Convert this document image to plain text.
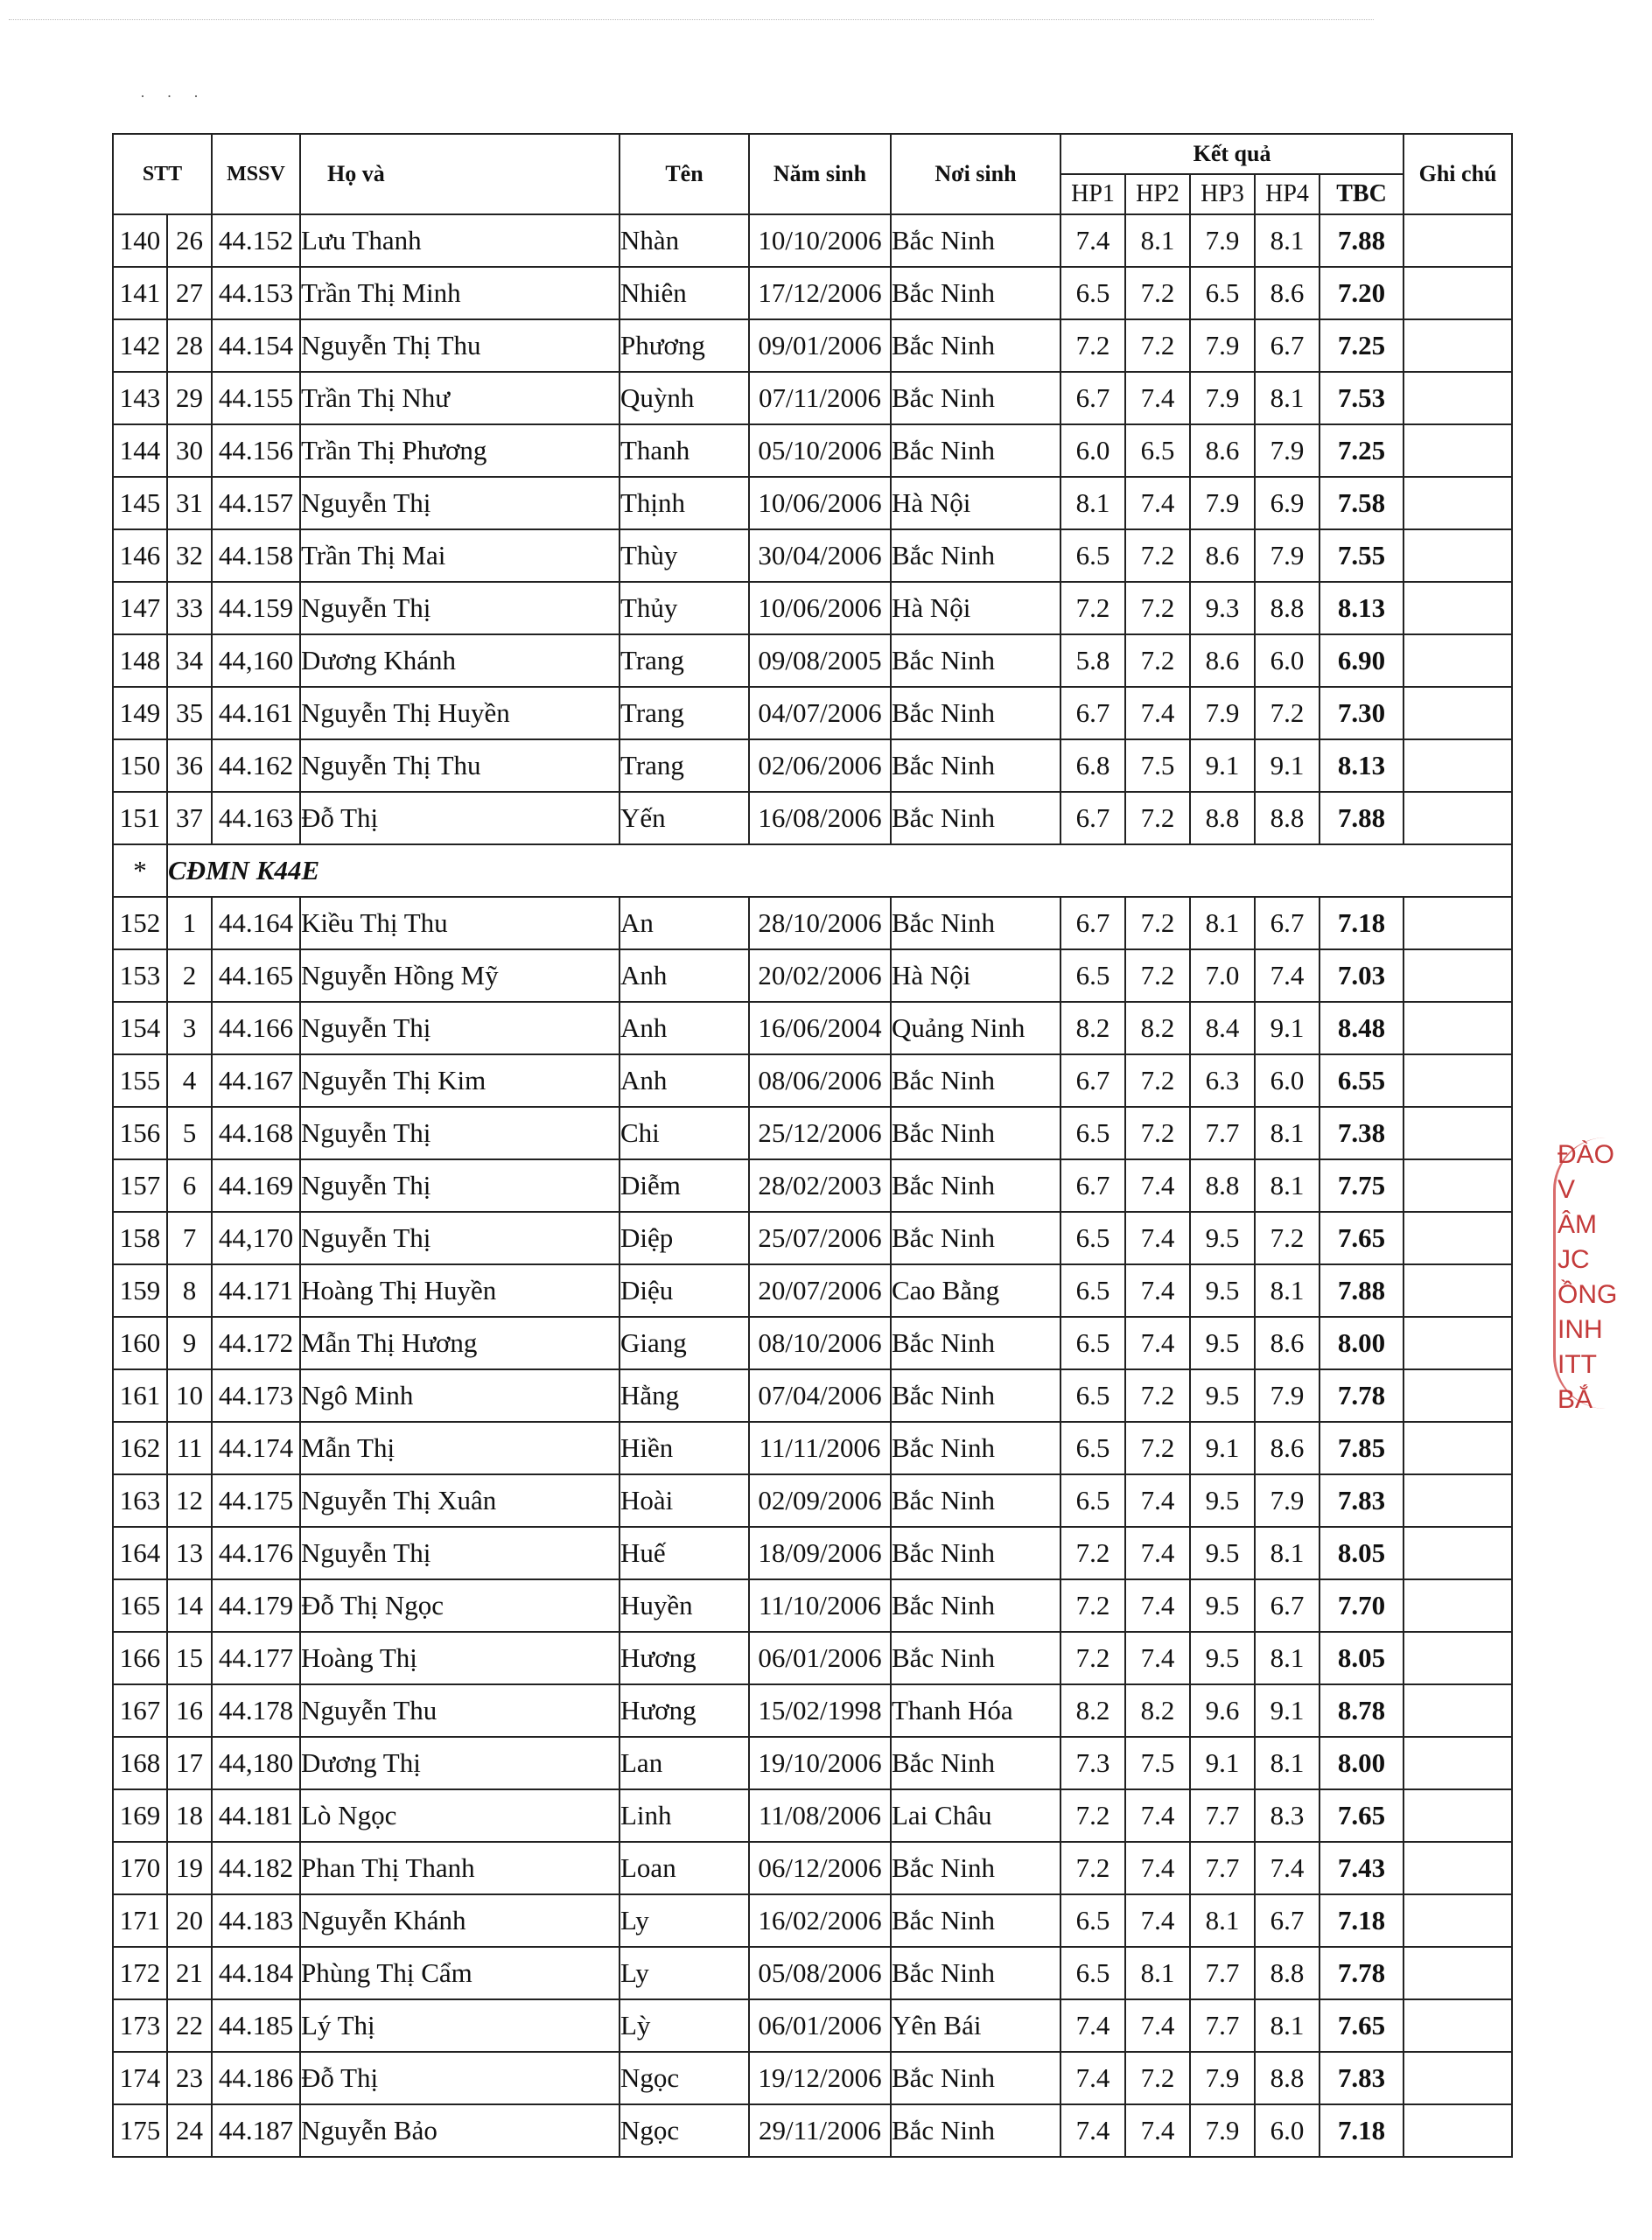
· · ·
STT		MSSV	Họ và	Tên	Năm sinh	Nơi sinh	Kết quả					Ghi chú
							HP1	HP2	HP3	HP4	TBC	
140	26	44.152	Lưu Thanh	Nhàn	10/10/2006	Bắc Ninh	7.4	8.1	7.9	8.1	7.88	
141	27	44.153	Trần Thị Minh	Nhiên	17/12/2006	Bắc Ninh	6.5	7.2	6.5	8.6	7.20	
142	28	44.154	Nguyễn Thị Thu	Phương	09/01/2006	Bắc Ninh	7.2	7.2	7.9	6.7	7.25	
143	29	44.155	Trần Thị Như	Quỳnh	07/11/2006	Bắc Ninh	6.7	7.4	7.9	8.1	7.53	
144	30	44.156	Trần Thị Phương	Thanh	05/10/2006	Bắc Ninh	6.0	6.5	8.6	7.9	7.25	
145	31	44.157	Nguyễn Thị	Thịnh	10/06/2006	Hà Nội	8.1	7.4	7.9	6.9	7.58	
146	32	44.158	Trần Thị Mai	Thùy	30/04/2006	Bắc Ninh	6.5	7.2	8.6	7.9	7.55	
147	33	44.159	Nguyễn Thị	Thủy	10/06/2006	Hà Nội	7.2	7.2	9.3	8.8	8.13	
148	34	44,160	Dương Khánh	Trang	09/08/2005	Bắc Ninh	5.8	7.2	8.6	6.0	6.90	
149	35	44.161	Nguyễn Thị Huyền	Trang	04/07/2006	Bắc Ninh	6.7	7.4	7.9	7.2	7.30	
150	36	44.162	Nguyễn Thị Thu	Trang	02/06/2006	Bắc Ninh	6.8	7.5	9.1	9.1	8.13	
151	37	44.163	Đỗ Thị	Yến	16/08/2006	Bắc Ninh	6.7	7.2	8.8	8.8	7.88	
*	CĐMN K44E											
152	1	44.164	Kiều Thị Thu	An	28/10/2006	Bắc Ninh	6.7	7.2	8.1	6.7	7.18	
153	2	44.165	Nguyễn Hồng Mỹ	Anh	20/02/2006	Hà Nội	6.5	7.2	7.0	7.4	7.03	
154	3	44.166	Nguyễn Thị	Anh	16/06/2004	Quảng Ninh	8.2	8.2	8.4	9.1	8.48	
155	4	44.167	Nguyễn Thị Kim	Anh	08/06/2006	Bắc Ninh	6.7	7.2	6.3	6.0	6.55	
156	5	44.168	Nguyễn Thị	Chi	25/12/2006	Bắc Ninh	6.5	7.2	7.7	8.1	7.38	
157	6	44.169	Nguyễn Thị	Diễm	28/02/2003	Bắc Ninh	6.7	7.4	8.8	8.1	7.75	
158	7	44,170	Nguyễn Thị	Diệp	25/07/2006	Bắc Ninh	6.5	7.4	9.5	7.2	7.65	
159	8	44.171	Hoàng Thị Huyền	Diệu	20/07/2006	Cao Bằng	6.5	7.4	9.5	8.1	7.88	
160	9	44.172	Mẫn Thị Hương	Giang	08/10/2006	Bắc Ninh	6.5	7.4	9.5	8.6	8.00	
161	10	44.173	Ngô Minh	Hằng	07/04/2006	Bắc Ninh	6.5	7.2	9.5	7.9	7.78	
162	11	44.174	Mẫn Thị	Hiền	11/11/2006	Bắc Ninh	6.5	7.2	9.1	8.6	7.85	
163	12	44.175	Nguyễn Thị Xuân	Hoài	02/09/2006	Bắc Ninh	6.5	7.4	9.5	7.9	7.83	
164	13	44.176	Nguyễn Thị	Huế	18/09/2006	Bắc Ninh	7.2	7.4	9.5	8.1	8.05	
165	14	44.179	Đỗ Thị Ngọc	Huyền	11/10/2006	Bắc Ninh	7.2	7.4	9.5	6.7	7.70	
166	15	44.177	Hoàng Thị	Hương	06/01/2006	Bắc Ninh	7.2	7.4	9.5	8.1	8.05	
167	16	44.178	Nguyễn Thu	Hương	15/02/1998	Thanh Hóa	8.2	8.2	9.6	9.1	8.78	
168	17	44,180	Dương Thị	Lan	19/10/2006	Bắc Ninh	7.3	7.5	9.1	8.1	8.00	
169	18	44.181	Lò Ngọc	Linh	11/08/2006	Lai Châu	7.2	7.4	7.7	8.3	7.65	
170	19	44.182	Phan Thị Thanh	Loan	06/12/2006	Bắc Ninh	7.2	7.4	7.7	7.4	7.43	
171	20	44.183	Nguyễn Khánh	Ly	16/02/2006	Bắc Ninh	6.5	7.4	8.1	6.7	7.18	
172	21	44.184	Phùng Thị Cẩm	Ly	05/08/2006	Bắc Ninh	6.5	8.1	7.7	8.8	7.78	
173	22	44.185	Lý Thị	Lỳ	06/01/2006	Yên Bái	7.4	7.4	7.7	8.1	7.65	
174	23	44.186	Đỗ Thị	Ngọc	19/12/2006	Bắc Ninh	7.4	7.2	7.9	8.8	7.83	
175	24	44.187	Nguyễn Bảo	Ngọc	29/11/2006	Bắc Ninh	7.4	7.4	7.9	6.0	7.18	
ĐÀO V
ÂM
JC
ỒNG
INH
ITT BẮ
